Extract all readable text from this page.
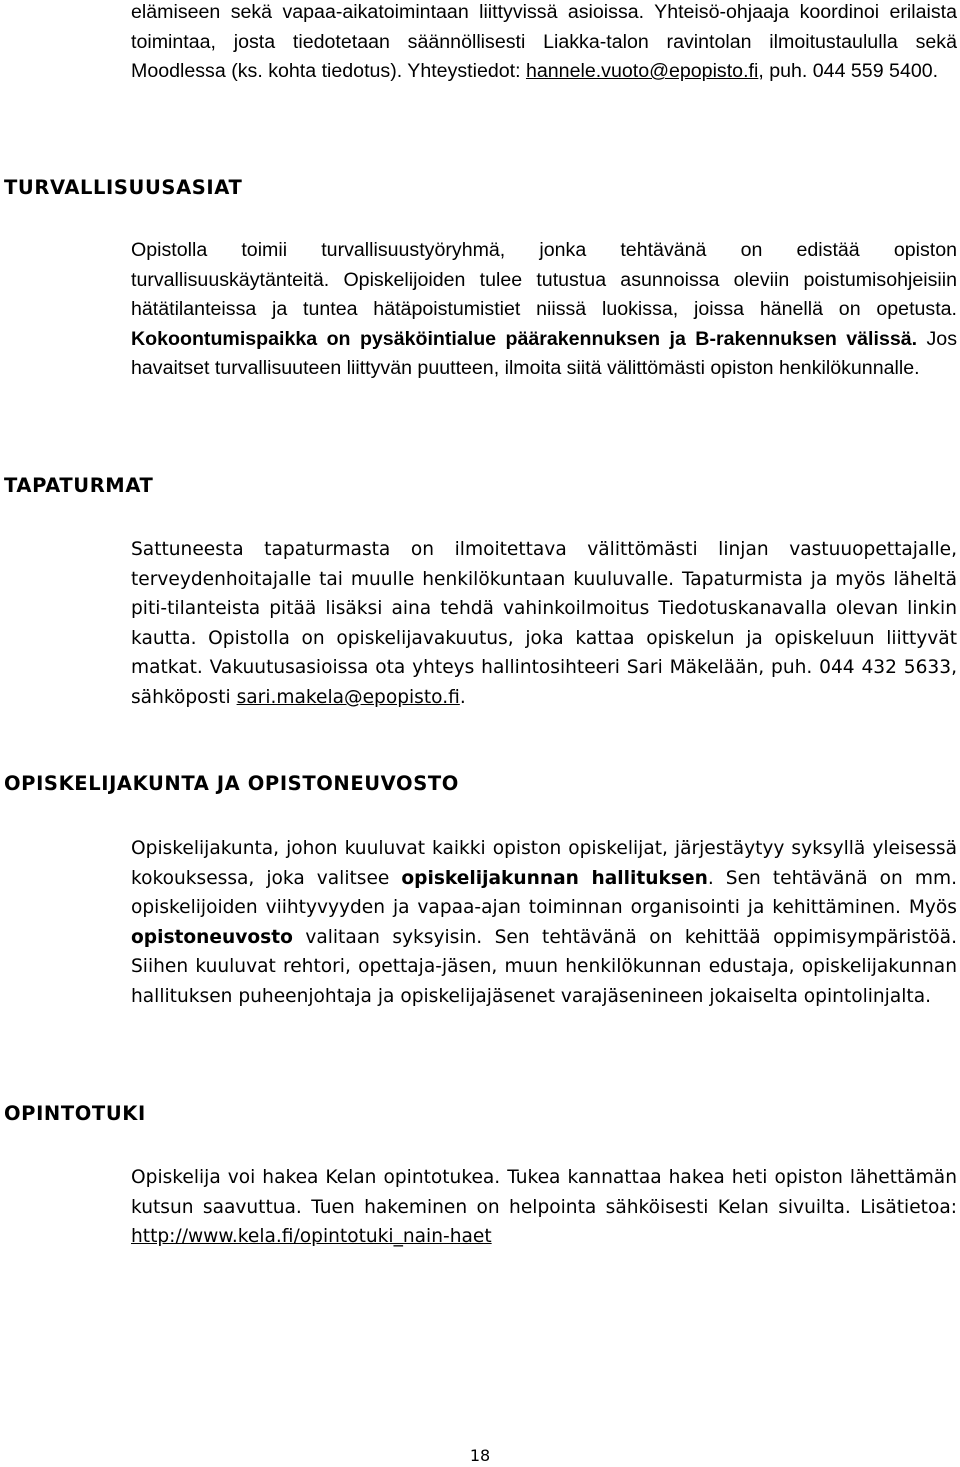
elämiseen sekä vapaa-aikatoimintaan liittyvissä asioissa. Yhteisö-ohjaaja koordinoi erilaista toimintaa, josta tiedotetaan säännöllisesti Liakka-talon ravintolan ilmoitustaululla sekä Moodlessa (ks. kohta tiedotus). Yhteystiedot: hannele.vuoto@epopisto.fi, puh. 044 559 5400.

TURVALLISUUSASIAT

Opistolla toimii turvallisuustyöryhmä, jonka tehtävänä on edistää opiston turvallisuuskäytänteitä. Opiskelijoiden tulee tutustua asunnoissa oleviin poistumisohjeisiin hätätilanteissa ja tuntea hätäpoistumistiet niissä luokissa, joissa hänellä on opetusta. Kokoontumispaikka on pysäköintialue päärakennuksen ja B-rakennuksen välissä. Jos havaitset turvallisuuteen liittyvän puutteen, ilmoita siitä välittömästi opiston henkilökunnalle.

TAPATURMAT

Sattuneesta tapaturmasta on ilmoitettava välittömästi linjan vastuuopettajalle, terveydenhoitajalle tai muulle henkilökuntaan kuuluvalle. Tapaturmista ja myös läheltä piti-tilanteista pitää lisäksi aina tehdä vahinkoilmoitus Tiedotuskanavalla olevan linkin kautta. Opistolla on opiskelijavakuutus, joka kattaa opiskelun ja opiskeluun liittyvät matkat. Vakuutusasioissa ota yhteys hallintosihteeri Sari Mäkelään, puh. 044 432 5633, sähköposti sari.makela@epopisto.fi.

OPISKELIJAKUNTA JA OPISTONEUVOSTO

Opiskelijakunta, johon kuuluvat kaikki opiston opiskelijat, järjestäytyy syksyllä yleisessä kokouksessa, joka valitsee opiskelijakunnan hallituksen. Sen tehtävänä on mm. opiskelijoiden viihtyvyyden ja vapaa-ajan toiminnan organisointi ja kehittäminen. Myös opistoneuvosto valitaan syksyisin. Sen tehtävänä on kehittää oppimisympäristöä. Siihen kuuluvat rehtori, opettaja-jäsen, muun henkilökunnan edustaja, opiskelijakunnan hallituksen puheenjohtaja ja opiskelijajäsenet varajäsenineen jokaiselta opintolinjalta.

OPINTOTUKI

Opiskelija voi hakea Kelan opintotukea. Tukea kannattaa hakea heti opiston lähettämän kutsun saavuttua. Tuen hakeminen on helpointa sähköisesti Kelan sivuilta. Lisätietoa: http://www.kela.fi/opintotuki_nain-haet

18
